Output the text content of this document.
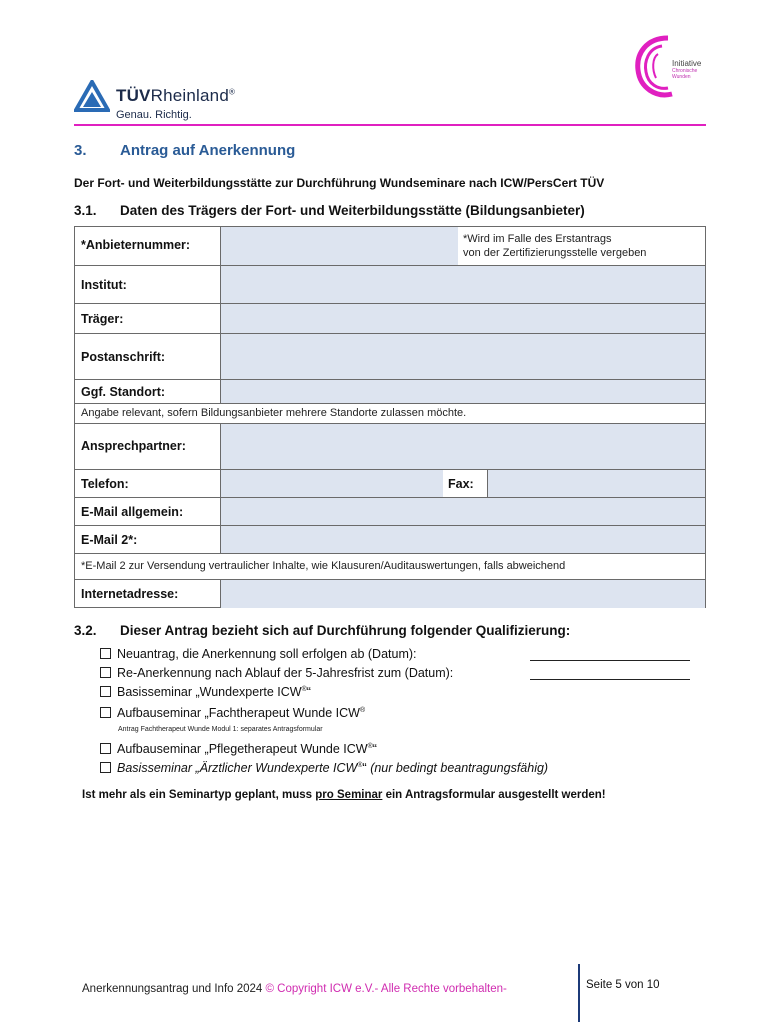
TÜVRheinland®
Genau. Richtig.
Initiative
Chronische Wunden
3. Antrag auf Anerkennung
Der Fort- und Weiterbildungsstätte zur Durchführung Wundseminare nach ICW/PersCert TÜV
3.1. Daten des Trägers der Fort- und Weiterbildungsstätte (Bildungsanbieter)
*Anbieternummer:	*Wird im Falle des Erstantrags
von der Zertifizierungsstelle vergeben
Institut:
Träger:
Postanschrift:
Ggf. Standort:
Angabe relevant, sofern Bildungsanbieter mehrere Standorte zulassen möchte.
Ansprechpartner:
Telefon:	Fax:
E-Mail allgemein:
E-Mail 2*:
*E-Mail 2 zur Versendung vertraulicher Inhalte, wie Klausuren/Auditauswertungen, falls abweichend
Internetadresse:
3.2. Dieser Antrag bezieht sich auf Durchführung folgender Qualifizierung:
Neuantrag, die Anerkennung soll erfolgen ab (Datum):
Re-Anerkennung nach Ablauf der 5-Jahresfrist zum (Datum):
Basisseminar „Wundexperte ICW®“
Aufbauseminar „Fachtherapeut Wunde ICW®
Antrag Fachtherapeut Wunde Modul 1: separates Antragsformular
Aufbauseminar „Pflegetherapeut Wunde ICW®“
Basisseminar „Ärztlicher Wundexperte ICW®“ (nur bedingt beantragungsfähig)
Ist mehr als ein Seminartyp geplant, muss pro Seminar ein Antragsformular ausgestellt werden!
Anerkennungsantrag und Info 2024 © Copyright ICW e.V.- Alle Rechte vorbehalten-	Seite 5 von 10
